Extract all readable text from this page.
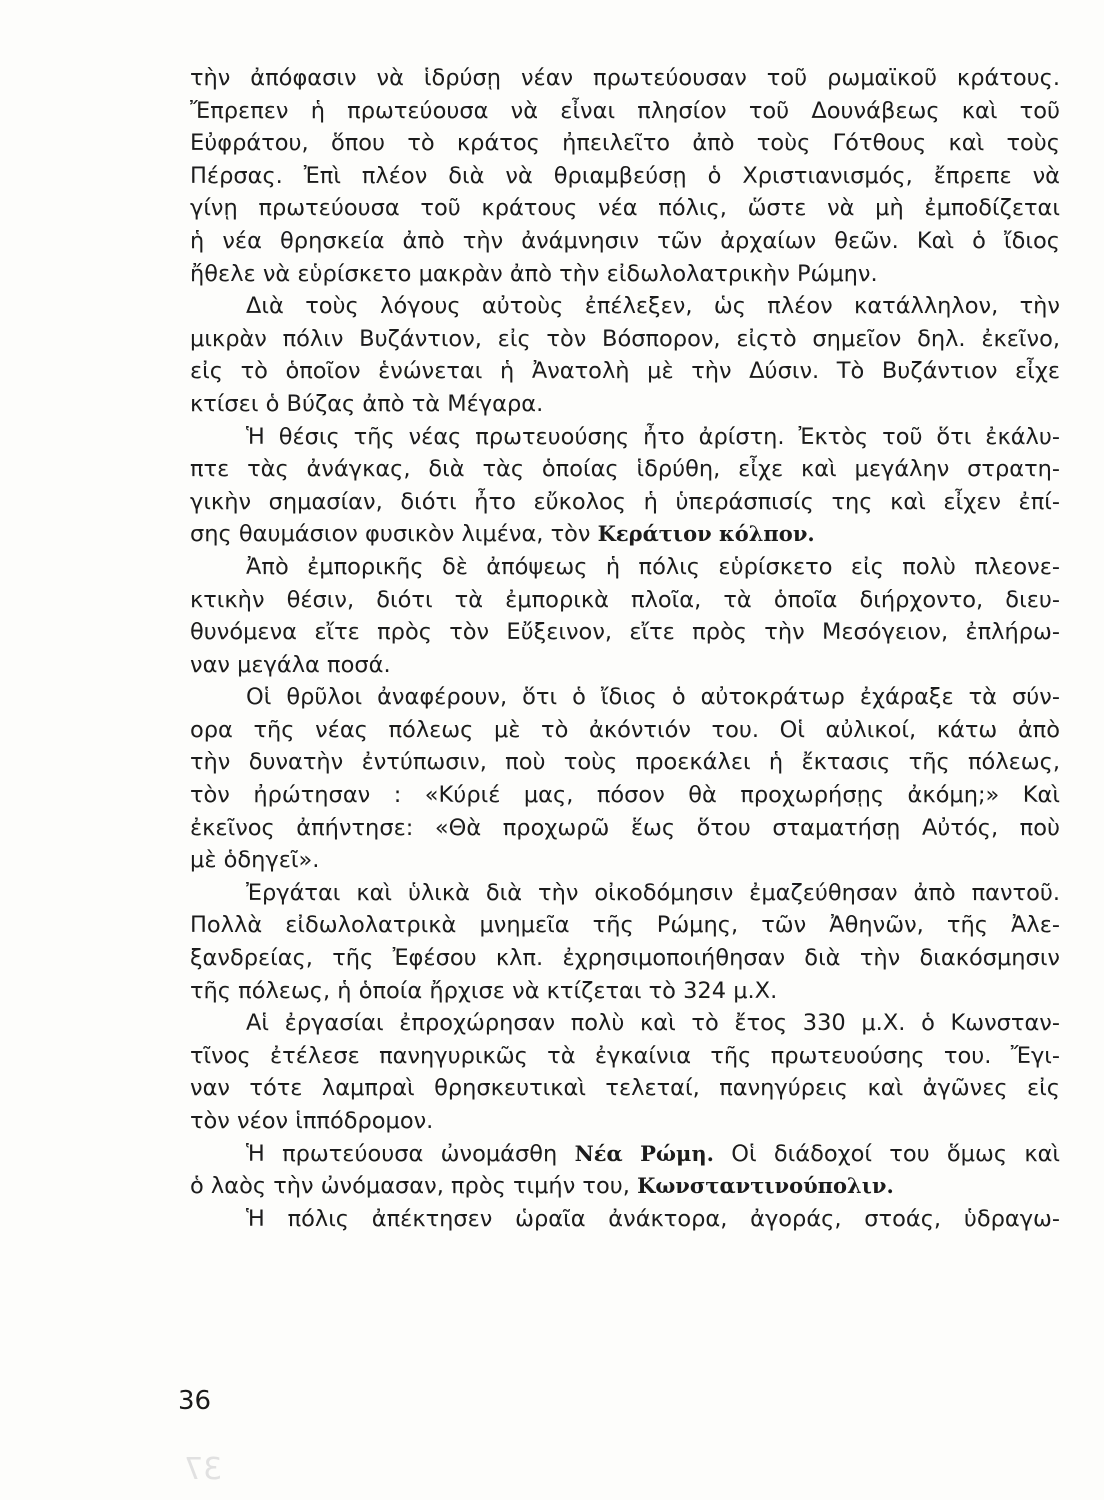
τὴν ἀπόφασιν νὰ ἱδρύσῃ νέαν πρωτεύουσαν τοῦ ρωμαϊκοῦ κράτους.
Ἔπρεπεν ἡ πρωτεύουσα νὰ εἶναι πλησίον τοῦ Δουνάβεως καὶ τοῦ
Εὐφράτου, ὅπου τὸ κράτος ἠπειλεῖτο ἀπὸ τοὺς Γότθους καὶ τοὺς
Πέρσας. Ἐπὶ πλέον διὰ νὰ θριαμβεύσῃ ὁ Χριστιανισμός, ἔπρεπε νὰ
γίνῃ πρωτεύουσα τοῦ κράτους νέα πόλις, ὥστε νὰ μὴ ἐμποδίζεται
ἡ νέα θρησκεία ἀπὸ τὴν ἀνάμνησιν τῶν ἀρχαίων θεῶν. Καὶ ὁ ἴδιος
ἤθελε νὰ εὑρίσκετο μακρὰν ἀπὸ τὴν εἰδωλολατρικὴν Ρώμην.
Διὰ τοὺς λόγους αὐτοὺς ἐπέλεξεν, ὡς πλέον κατάλληλον, τὴν
μικρὰν πόλιν Βυζάντιον, εἰς τὸν Βόσπορον, εἰςτὸ σημεῖον δηλ. ἐκεῖνο,
εἰς τὸ ὁποῖον ἑνώνεται ἡ Ἀνατολὴ μὲ τὴν Δύσιν. Τὸ Βυζάντιον εἶχε
κτίσει ὁ Βύζας ἀπὸ τὰ Μέγαρα.
Ἡ θέσις τῆς νέας πρωτευούσης ἦτο ἀρίστη. Ἐκτὸς τοῦ ὅτι ἐκάλυ-
πτε τὰς ἀνάγκας, διὰ τὰς ὁποίας ἱδρύθη, εἶχε καὶ μεγάλην στρατη-
γικὴν σημασίαν, διότι ἦτο εὔκολος ἡ ὑπεράσπισίς της καὶ εἶχεν ἐπί-
σης θαυμάσιον φυσικὸν λιμένα, τὸν Κεράτιον κόλπον.
Ἀπὸ ἐμπορικῆς δὲ ἀπόψεως ἡ πόλις εὑρίσκετο εἰς πολὺ πλεονε-
κτικὴν θέσιν, διότι τὰ ἐμπορικὰ πλοῖα, τὰ ὁποῖα διήρχοντο, διευ-
θυνόμενα εἴτε πρὸς τὸν Εὔξεινον, εἴτε πρὸς τὴν Μεσόγειον, ἐπλήρω-
ναν μεγάλα ποσά.
Οἱ θρῦλοι ἀναφέρουν, ὅτι ὁ ἴδιος ὁ αὐτοκράτωρ ἐχάραξε τὰ σύν-
ορα τῆς νέας πόλεως μὲ τὸ ἀκόντιόν του. Οἱ αὐλικοί, κάτω ἀπὸ
τὴν δυνατὴν ἐντύπωσιν, ποὺ τοὺς προεκάλει ἡ ἔκτασις τῆς πόλεως,
τὸν ἠρώτησαν : «Κύριέ μας, πόσον θὰ προχωρήσῃς ἀκόμη;» Καὶ
ἐκεῖνος ἀπήντησε: «Θὰ προχωρῶ ἕως ὅτου σταματήσῃ Αὐτός, ποὺ
μὲ ὁδηγεῖ».
Ἐργάται καὶ ὑλικὰ διὰ τὴν οἰκοδόμησιν ἐμαζεύθησαν ἀπὸ παντοῦ.
Πολλὰ εἰδωλολατρικὰ μνημεῖα τῆς Ρώμης, τῶν Ἀθηνῶν, τῆς Ἀλε-
ξανδρείας, τῆς Ἐφέσου κλπ. ἐχρησιμοποιήθησαν διὰ τὴν διακόσμησιν
τῆς πόλεως, ἡ ὁποία ἤρχισε νὰ κτίζεται τὸ 324 μ.Χ.
Αἱ ἐργασίαι ἐπροχώρησαν πολὺ καὶ τὸ ἔτος 330 μ.Χ. ὁ Κωνσταν-
τῖνος ἐτέλεσε πανηγυρικῶς τὰ ἐγκαίνια τῆς πρωτευούσης του. Ἔγι-
ναν τότε λαμπραὶ θρησκευτικαὶ τελεταί, πανηγύρεις καὶ ἀγῶνες εἰς
τὸν νέον ἱππόδρομον.
Ἡ πρωτεύουσα ὠνομάσθη Νέα Ρώμη. Οἱ διάδοχοί του ὅμως καὶ
ὁ λαὸς τὴν ὠνόμασαν, πρὸς τιμήν του, Κωνσταντινούπολιν.
Ἡ πόλις ἀπέκτησεν ὡραῖα ἀνάκτορα, ἀγοράς, στοάς, ὑδραγω-
36
37
